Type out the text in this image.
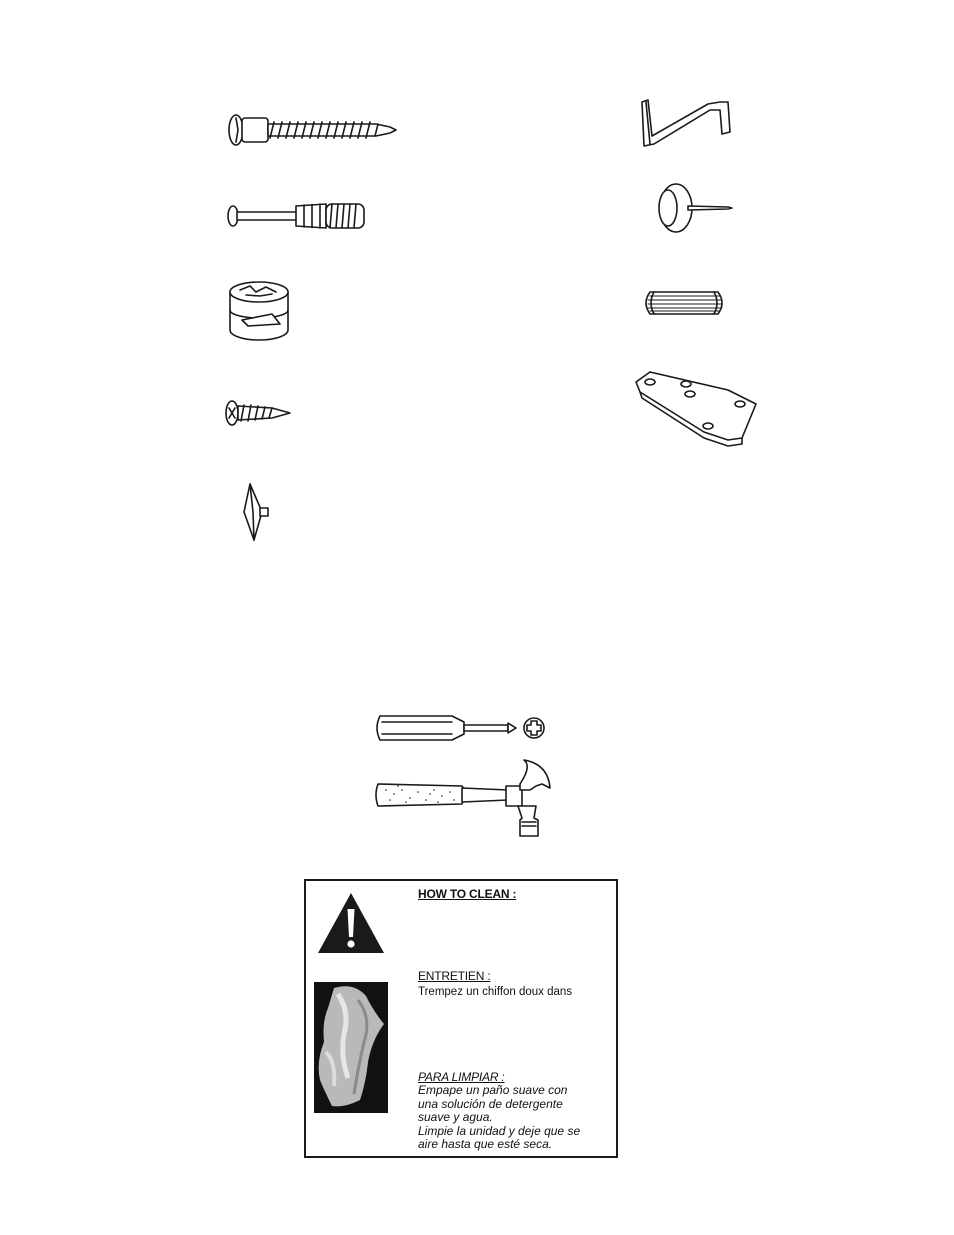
HOW TO CLEAN :
ENTRETIEN :
Trempez un chiffon doux dans
PARA LIMPIAR :
Empape un paño suave con
una solución de detergente
suave y agua.
Limpie la unidad y deje que se
aire hasta que esté seca.
